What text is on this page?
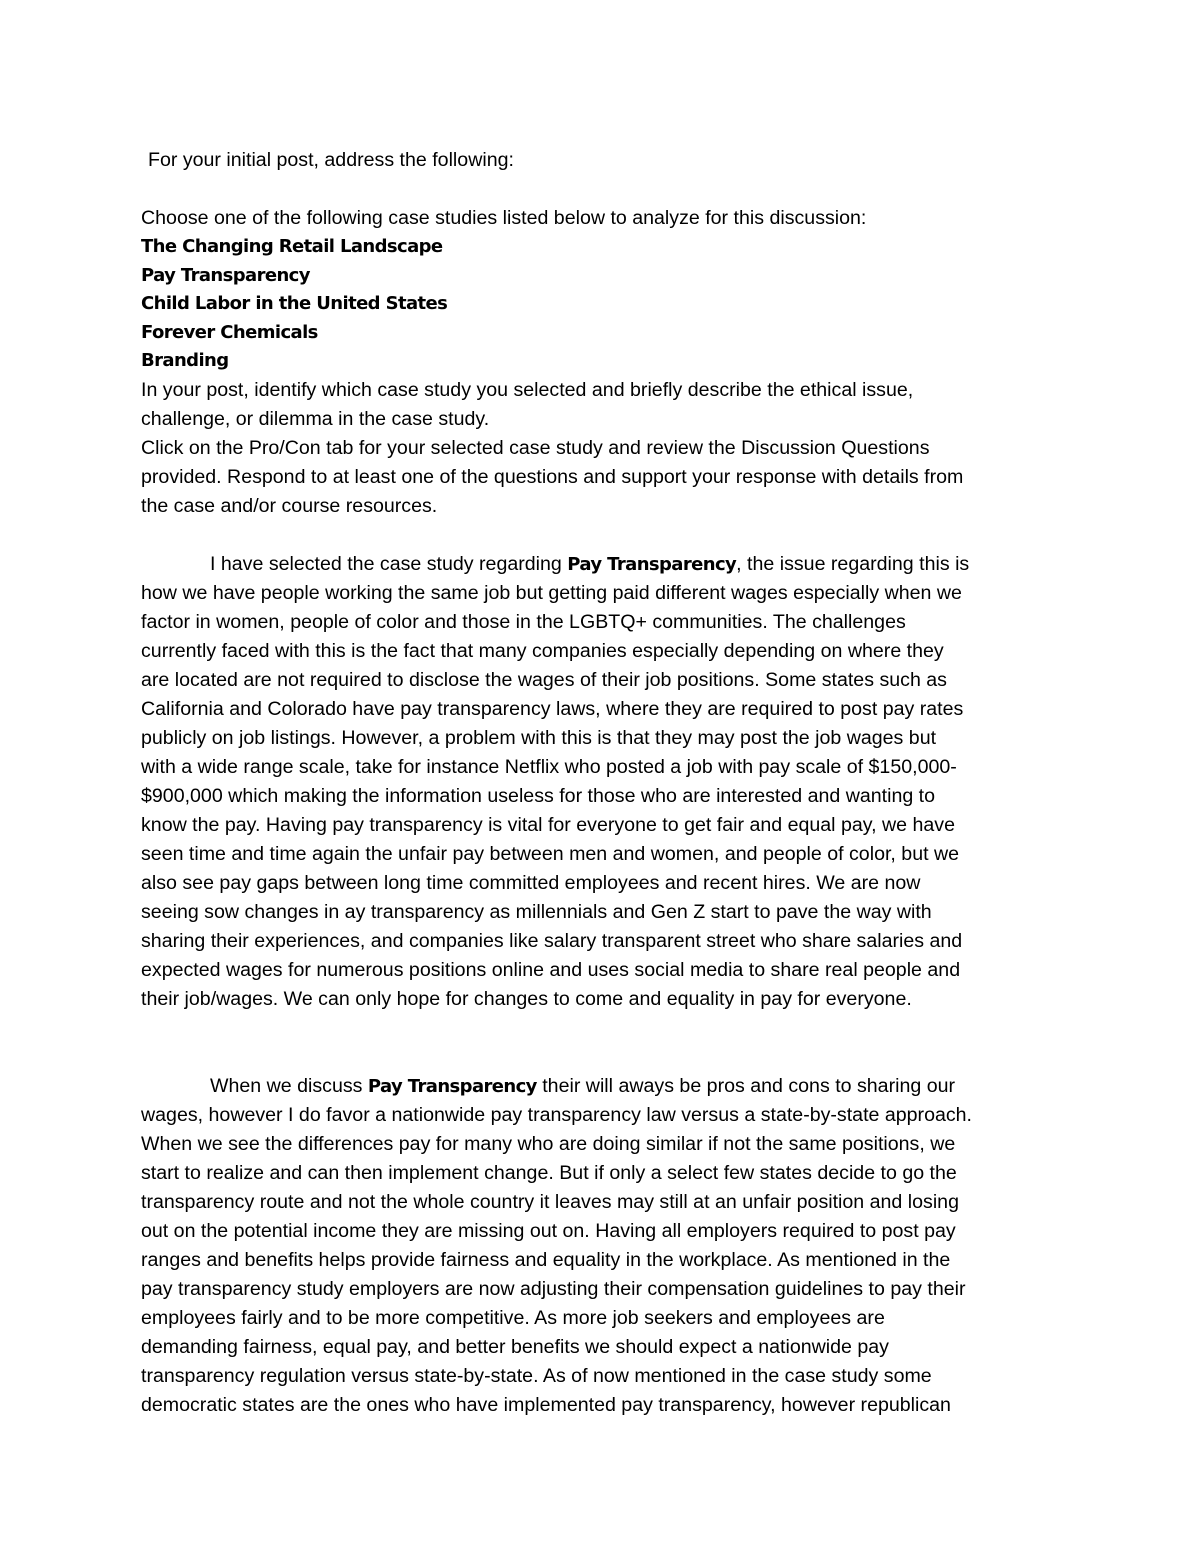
For your initial post, address the following:

Choose one of the following case studies listed below to analyze for this discussion:

The Changing Retail Landscape

Pay Transparency

Child Labor in the United States

Forever Chemicals

Branding

In your post, identify which case study you selected and briefly describe the ethical issue,

challenge, or dilemma in the case study.

Click on the Pro/Con tab for your selected case study and review the Discussion Questions

provided. Respond to at least one of the questions and support your response with details from

the case and/or course resources.

I have selected the case study regarding Pay Transparency, the issue regarding this is

how we have people working the same job but getting paid different wages especially when we

factor in women, people of color and those in the LGBTQ+ communities. The challenges

currently faced with this is the fact that many companies especially depending on where they

are located are not required to disclose the wages of their job positions. Some states such as

California and Colorado have pay transparency laws, where they are required to post pay rates

publicly on job listings. However, a problem with this is that they may post the job wages but

with a wide range scale, take for instance Netflix who posted a job with pay scale of $150,000-

$900,000 which making the information useless for those who are interested and wanting to

know the pay. Having pay transparency is vital for everyone to get fair and equal pay, we have

seen time and time again the unfair pay between men and women, and people of color, but we

also see pay gaps between long time committed employees and recent hires. We are now

seeing sow changes in ay transparency as millennials and Gen Z start to pave the way with

sharing their experiences, and companies like salary transparent street who share salaries and

expected wages for numerous positions online and uses social media to share real people and

their job/wages. We can only hope for changes to come and equality in pay for everyone.

When we discuss Pay Transparency their will aways be pros and cons to sharing our

wages, however I do favor a nationwide pay transparency law versus a state-by-state approach.

When we see the differences pay for many who are doing similar if not the same positions, we

start to realize and can then implement change. But if only a select few states decide to go the

transparency route and not the whole country it leaves may still at an unfair position and losing

out on the potential income they are missing out on. Having all employers required to post pay

ranges and benefits helps provide fairness and equality in the workplace. As mentioned in the

pay transparency study employers are now adjusting their compensation guidelines to pay their

employees fairly and to be more competitive. As more job seekers and employees are

demanding fairness, equal pay, and better benefits we should expect a nationwide pay

transparency regulation versus state-by-state. As of now mentioned in the case study some

democratic states are the ones who have implemented pay transparency, however republican
